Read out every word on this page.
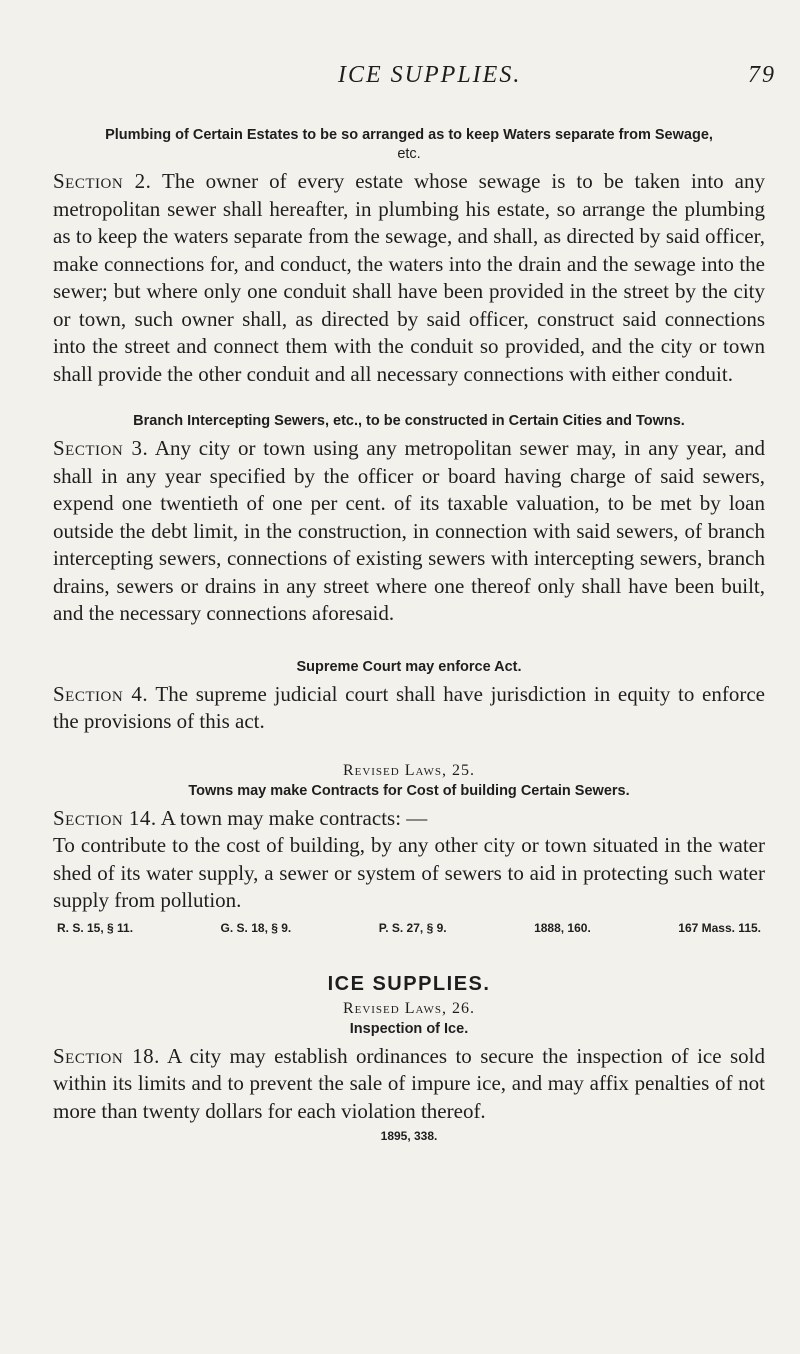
ICE SUPPLIES.	79
Plumbing of Certain Estates to be so arranged as to keep Waters separate from Sewage,
etc.

Section 2. The owner of every estate whose sewage is to be taken into any metropolitan sewer shall hereafter, in plumbing his estate, so arrange the plumbing as to keep the waters separate from the sewage, and shall, as directed by said officer, make connections for, and conduct, the waters into the drain and the sewage into the sewer; but where only one conduit shall have been provided in the street by the city or town, such owner shall, as directed by said officer, construct said connections into the street and connect them with the conduit so provided, and the city or town shall provide the other conduit and all necessary connections with either conduit.

Branch Intercepting Sewers, etc., to be constructed in Certain Cities and Towns.

Section 3. Any city or town using any metropolitan sewer may, in any year, and shall in any year specified by the officer or board having charge of said sewers, expend one twentieth of one per cent. of its taxable valuation, to be met by loan outside the debt limit, in the construction, in connection with said sewers, of branch intercepting sewers, connections of existing sewers with intercepting sewers, branch drains, sewers or drains in any street where one thereof only shall have been built, and the necessary connections aforesaid.

Supreme Court may enforce Act.

Section 4. The supreme judicial court shall have jurisdiction in equity to enforce the provisions of this act.

Revised Laws, 25.
Towns may make Contracts for Cost of building Certain Sewers.

Section 14. A town may make contracts: —

To contribute to the cost of building, by any other city or town situated in the water shed of its water supply, a sewer or system of sewers to aid in protecting such water supply from pollution.

R. S. 15, § 11.	G. S. 18, § 9.	P. S. 27, § 9.	1888, 160.	167 Mass. 115.
ICE SUPPLIES.
Revised Laws, 26.
Inspection of Ice.

Section 18. A city may establish ordinances to secure the inspection of ice sold within its limits and to prevent the sale of impure ice, and may affix penalties of not more than twenty dollars for each violation thereof.

1895, 338.
